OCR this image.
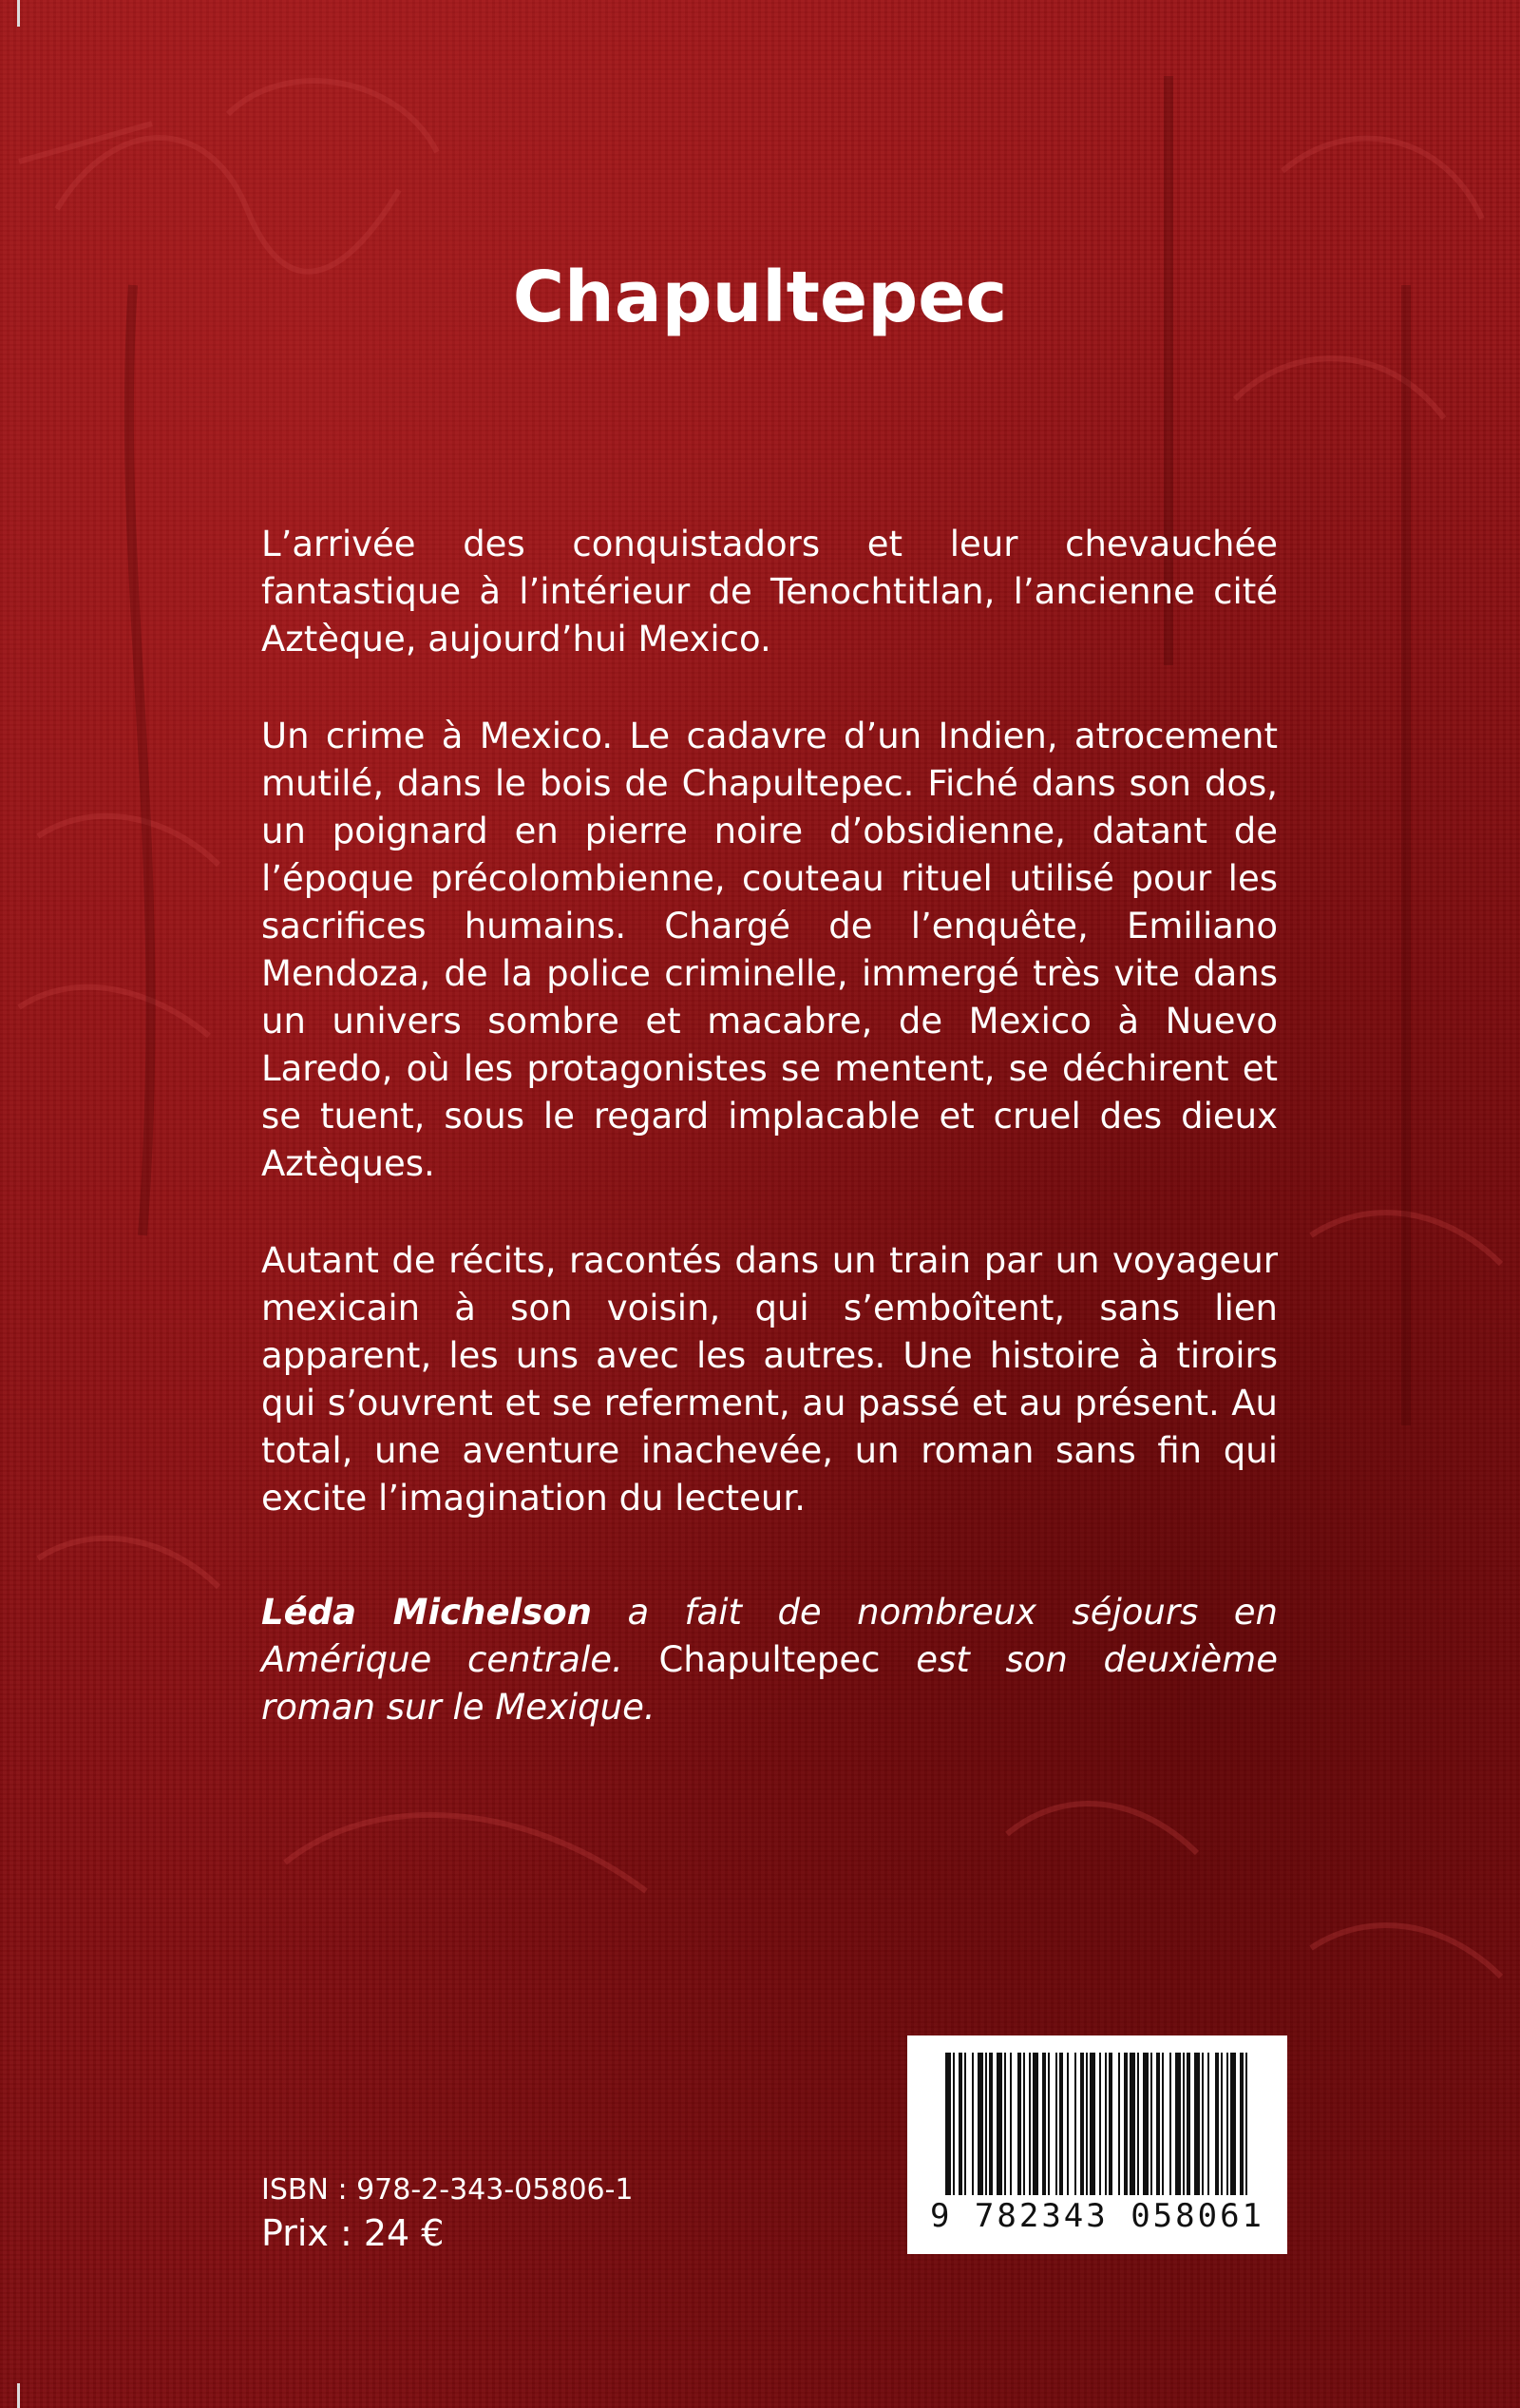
Chapultepec

L’arrivée des conquistadors et leur chevauchée fantastique à l’intérieur de Tenochtitlan, l’ancienne cité Aztèque, aujourd’hui Mexico.

Un crime à Mexico. Le cadavre d’un Indien, atrocement mutilé, dans le bois de Chapultepec. Fiché dans son dos, un poignard en pierre noire d’obsidienne, datant de l’époque précolombienne, couteau rituel utilisé pour les sacrifices humains. Chargé de l’enquête, Emiliano Mendoza, de la police criminelle, immergé très vite dans un univers sombre et macabre, de Mexico à Nuevo Laredo, où les protagonistes se mentent, se déchirent et se tuent, sous le regard implacable et cruel des dieux Aztèques.

Autant de récits, racontés dans un train par un voyageur mexicain à son voisin, qui s’emboîtent, sans lien apparent, les uns avec les autres. Une histoire à tiroirs qui s’ouvrent et se referment, au passé et au présent. Au total, une aventure inachevée, un roman sans fin qui excite l’imagination du lecteur.

Léda Michelson a fait de nombreux séjours en Amérique centrale. Chapultepec est son deuxième roman sur le Mexique.

ISBN : 978-2-343-05806-1
Prix : 24 €	9 782343 058061
